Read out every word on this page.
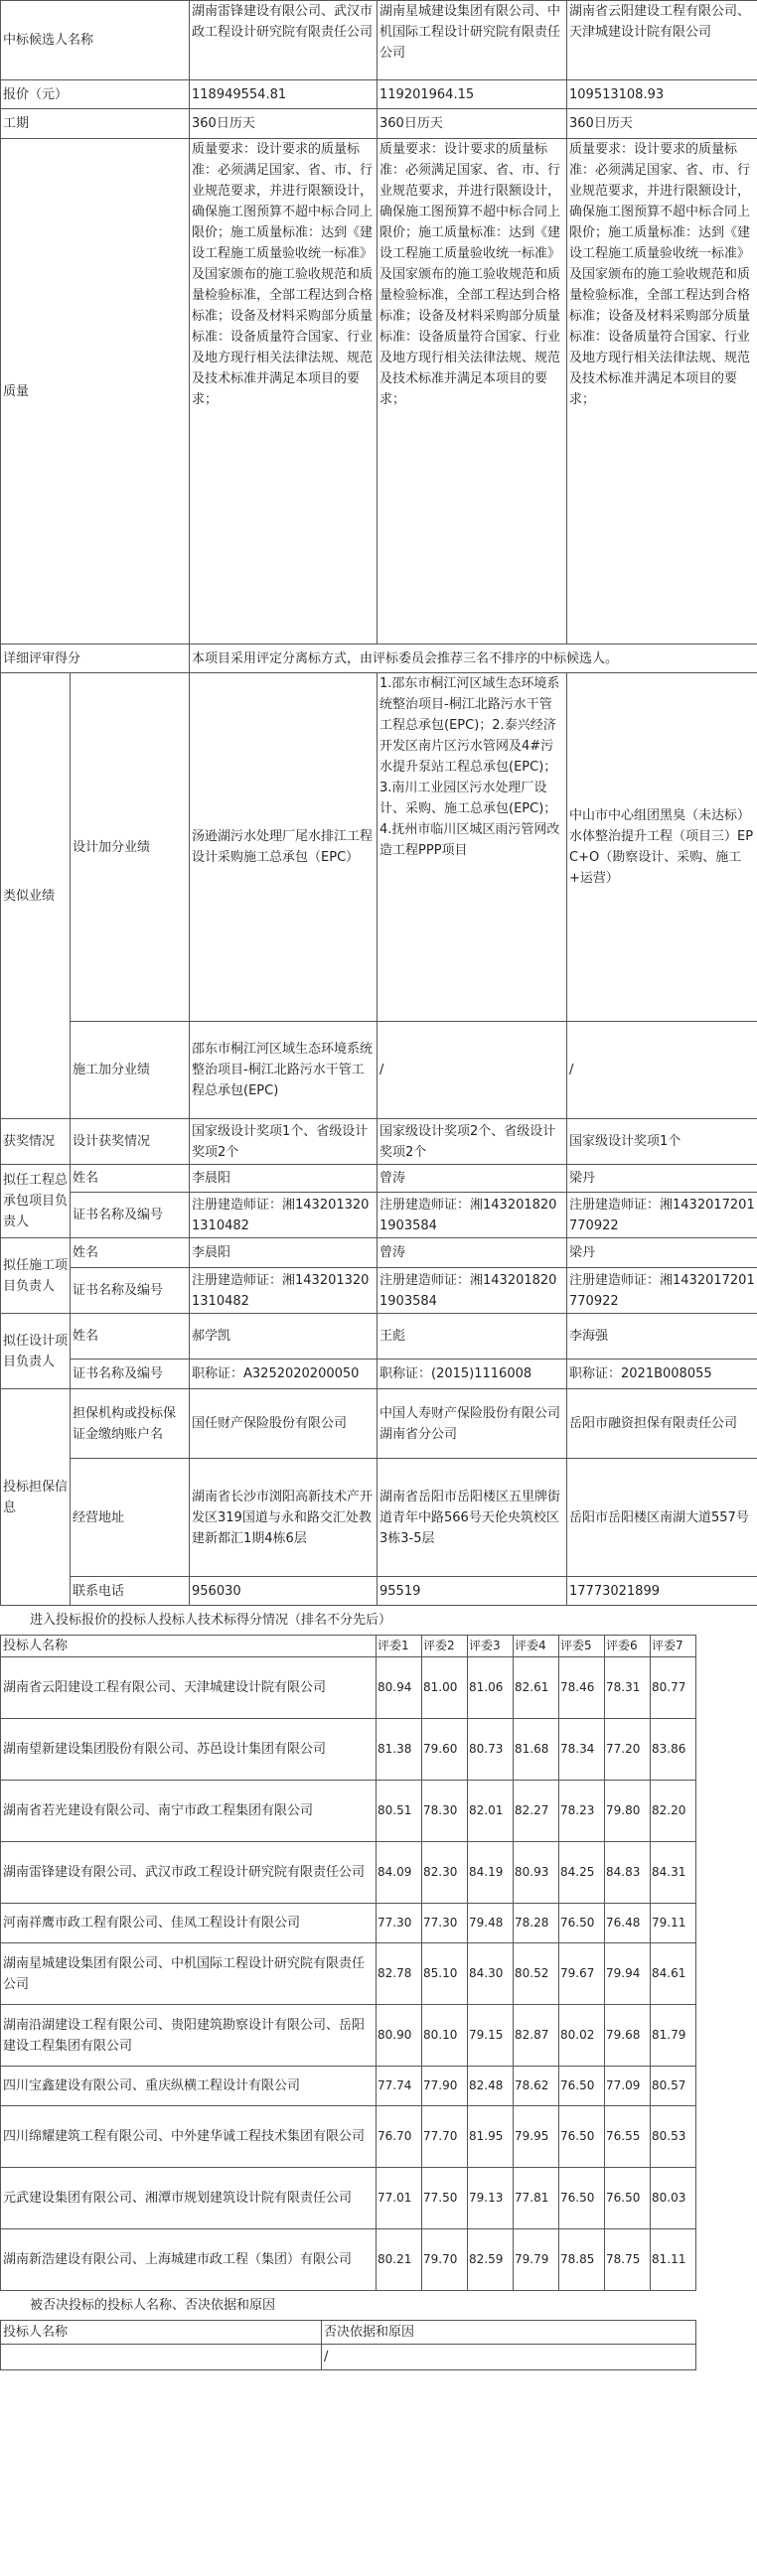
中标候选人名称		湖南雷锋建设有限公司、武汉市政工程设计研究院有限责任公司	湖南星城建设集团有限公司、中机国际工程设计研究院有限责任公司	湖南省云阳建设工程有限公司、天津城建设计院有限公司
报价（元）		118949554.81	119201964.15	109513108.93
工期		360日历天	360日历天	360日历天
质量		质量要求：设计要求的质量标准：必须满足国家、省、市、行业规范要求，并进行限额设计，确保施工图预算不超中标合同上限价；施工质量标准：达到《建设工程施工质量验收统一标准》及国家颁布的施工验收规范和质量检验标准，全部工程达到合格标准；设备及材料采购部分质量标准：设备质量符合国家、行业及地方现行相关法律法规、规范及技术标准并满足本项目的要求；	质量要求：设计要求的质量标准：必须满足国家、省、市、行业规范要求，并进行限额设计，确保施工图预算不超中标合同上限价；施工质量标准：达到《建设工程施工质量验收统一标准》及国家颁布的施工验收规范和质量检验标准，全部工程达到合格标准；设备及材料采购部分质量标准：设备质量符合国家、行业及地方现行相关法律法规、规范及技术标准并满足本项目的要求；	质量要求：设计要求的质量标准：必须满足国家、省、市、行业规范要求，并进行限额设计，确保施工图预算不超中标合同上限价；施工质量标准：达到《建设工程施工质量验收统一标准》及国家颁布的施工验收规范和质量检验标准，全部工程达到合格标准；设备及材料采购部分质量标准：设备质量符合国家、行业及地方现行相关法律法规、规范及技术标准并满足本项目的要求；
详细评审得分		本项目采用评定分离标方式，由评标委员会推荐三名不排序的中标候选人。		
类似业绩	设计加分业绩	汤逊湖污水处理厂尾水排江工程设计采购施工总承包（EPC）	1.邵东市桐江河区域生态环境系统整治项目-桐江北路污水干管工程总承包(EPC)；2.泰兴经济开发区南片区污水管网及4#污水提升泵站工程总承包(EPC)；3.南川工业园区污水处理厂设计、采购、施工总承包(EPC)；4.抚州市临川区城区雨污管网改造工程PPP项目	中山市中心组团黑臭（未达标）水体整治提升工程（项目三）EPC+O（勘察设计、采购、施工+运营）
	施工加分业绩	邵东市桐江河区域生态环境系统整治项目-桐江北路污水干管工程总承包(EPC)	/	/
获奖情况	设计获奖情况	国家级设计奖项1个、省级设计奖项2个	国家级设计奖项2个、省级设计奖项2个	国家级设计奖项1个
拟任工程总承包项目负责人	姓名	李晨阳	曾涛	梁丹
	证书名称及编号	注册建造师证：湘1432013201310482	注册建造师证：湘1432018201903584	注册建造师证：湘1432017201770922
拟任施工项目负责人	姓名	李晨阳	曾涛	梁丹
	证书名称及编号	注册建造师证：湘1432013201310482	注册建造师证：湘1432018201903584	注册建造师证：湘1432017201770922
拟任设计项目负责人	姓名	郝学凯	王彪	李海强
	证书名称及编号	职称证：A3252020200050	职称证：(2015)1116008	职称证：2021B008055
投标担保信息	担保机构或投标保证金缴纳账户名	国任财产保险股份有限公司	中国人寿财产保险股份有限公司湖南省分公司	岳阳市融资担保有限责任公司
	经营地址	湖南省长沙市浏阳高新技术产开发区319国道与永和路交汇处教建新都汇1期4栋6层	湖南省岳阳市岳阳楼区五里牌街道青年中路566号天伦央筑校区3栋3-5层	岳阳市岳阳楼区南湖大道557号
	联系电话	956030	95519	17773021899
进入投标报价的投标人投标人技术标得分情况（排名不分先后）
投标人名称	评委1	评委2	评委3	评委4	评委5	评委6	评委7
湖南省云阳建设工程有限公司、天津城建设计院有限公司	80.94	81.00	81.06	82.61	78.46	78.31	80.77
湖南望新建设集团股份有限公司、苏邑设计集团有限公司	81.38	79.60	80.73	81.68	78.34	77.20	83.86
湖南省若光建设有限公司、南宁市政工程集团有限公司	80.51	78.30	82.01	82.27	78.23	79.80	82.20
湖南雷锋建设有限公司、武汉市政工程设计研究院有限责任公司	84.09	82.30	84.19	80.93	84.25	84.83	84.31
河南祥鹰市政工程有限公司、佳凤工程设计有限公司	77.30	77.30	79.48	78.28	76.50	76.48	79.11
湖南星城建设集团有限公司、中机国际工程设计研究院有限责任公司	82.78	85.10	84.30	80.52	79.67	79.94	84.61
湖南沿湖建设工程有限公司、贵阳建筑勘察设计有限公司、岳阳建设工程集团有限公司	80.90	80.10	79.15	82.87	80.02	79.68	81.79
四川宝鑫建设有限公司、重庆纵横工程设计有限公司	77.74	77.90	82.48	78.62	76.50	77.09	80.57
四川绵耀建筑工程有限公司、中外建华诚工程技术集团有限公司	76.70	77.70	81.95	79.95	76.50	76.55	80.53
元武建设集团有限公司、湘潭市规划建筑设计院有限责任公司	77.01	77.50	79.13	77.81	76.50	76.50	80.03
湖南新浩建设有限公司、上海城建市政工程（集团）有限公司	80.21	79.70	82.59	79.79	78.85	78.75	81.11
被否决投标的投标人名称、否决依据和原因
投标人名称	否决依据和原因
	/
